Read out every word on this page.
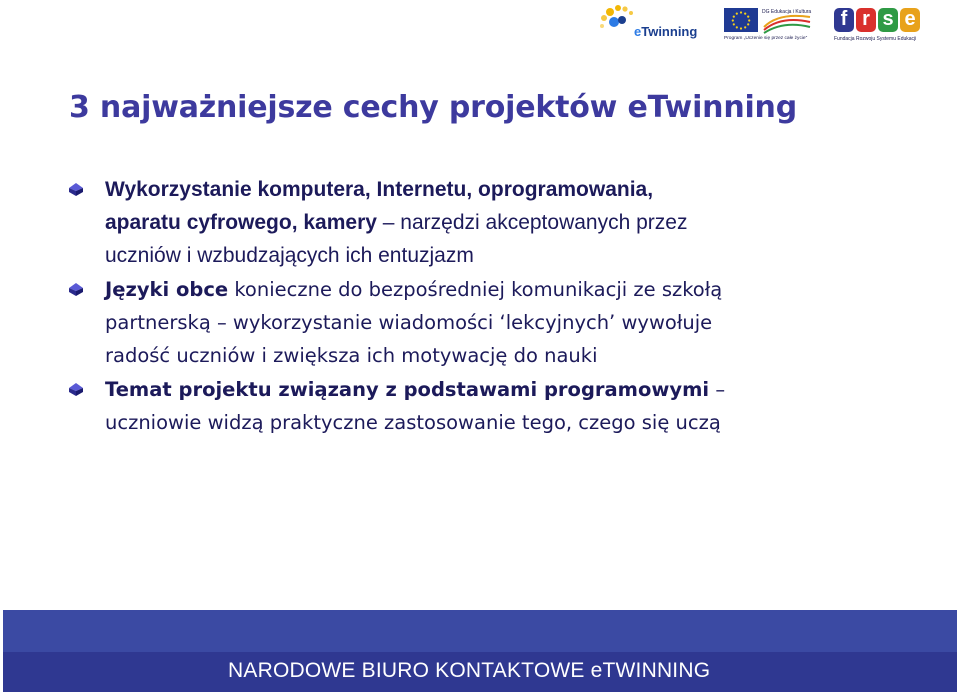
eTwinning
DG Edukacja i Kultura
Program „Uczenie się przez całe życie”
f r s e
Fundacja Rozwoju Systemu Edukacji
3 najważniejsze cechy projektów eTwinning
Wykorzystanie komputera, Internetu, oprogramowania,
aparatu cyfrowego, kamery – narzędzi akceptowanych przez
uczniów i wzbudzających ich entuzjazm
Języki obce konieczne do bezpośredniej komunikacji ze szkołą
partnerską – wykorzystanie wiadomości ‘lekcyjnych’ wywołuje
radość uczniów i zwiększa ich motywację do nauki
Temat projektu związany z podstawami programowymi –
uczniowie widzą praktyczne zastosowanie tego, czego się uczą
NARODOWE BIURO KONTAKTOWE eTWINNING
